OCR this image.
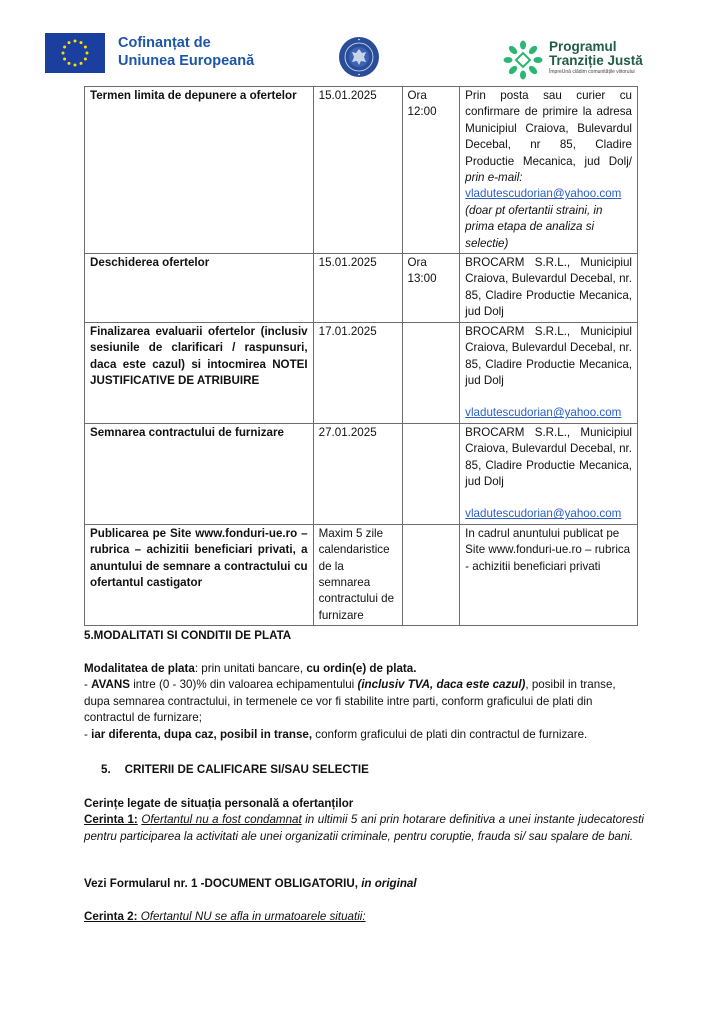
Cofinanțat de
Uniunea Europeană
Programul
Tranziție Justă
ÎmpreUnă clădim comunitățile viitorului
Termen limita de depunere a ofertelor	15.01.2025	Ora
12:00
	Prin posta sau curier cu confirmare de primire la adresa Municipiul Craiova, Bulevardul Decebal, nr 85, Cladire Productie Mecanica, jud Dolj/ prin e-mail:
vladutescudorian@yahoo.com

(doar pt ofertantii straini, in prima etapa de analiza si selectie)

Deschiderea ofertelor	15.01.2025	Ora
13:00	BROCARM S.R.L., Municipiul Craiova, Bulevardul Decebal, nr. 85, Cladire Productie Mecanica, jud Dolj
Finalizarea evaluarii ofertelor (inclusiv sesiunile de clarificari / raspunsuri, daca este cazul) si intocmirea NOTEI JUSTIFICATIVE DE ATRIBUIRE	17.01.2025		BROCARM S.R.L., Municipiul Craiova, Bulevardul Decebal, nr. 85, Cladire Productie Mecanica, jud Dolj
vladutescudorian@yahoo.com

Semnarea contractului de furnizare	27.01.2025		BROCARM S.R.L., Municipiul Craiova, Bulevardul Decebal, nr. 85, Cladire Productie Mecanica, jud Dolj
vladutescudorian@yahoo.com

Publicarea pe Site www.fonduri-ue.ro – rubrica – achizitii beneficiari privati, a anuntului de semnare a contractului cu ofertantul castigator	Maxim 5 zile calendaristice de la semnarea contractului de furnizare		In cadrul anuntului publicat pe Site www.fonduri-ue.ro – rubrica - achizitii beneficiari privati
5.MODALITATI SI CONDITII DE PLATA
Modalitatea de plata: prin unitati bancare, cu ordin(e) de plata.
- AVANS intre (0 - 30)% din valoarea echipamentului (inclusiv TVA, daca este cazul), posibil in transe, dupa semnarea contractului, in termenele ce vor fi stabilite intre parti, conform graficului de plati din contractul de furnizare;
- iar diferenta, dupa caz, posibil in transe, conform graficului de plati din contractul de furnizare.
5. CRITERII DE CALIFICARE SI/SAU SELECTIE
Cerințe legate de situația personală a ofertanților
Cerinta 1: Ofertantul nu a fost condamnat in ultimii 5 ani prin hotarare definitiva a unei instante judecatoresti pentru participarea la activitati ale unei organizatii criminale, pentru coruptie, frauda si/ sau spalare de bani.
Vezi Formularul nr. 1 -DOCUMENT OBLIGATORIU, in original
Cerinta 2: Ofertantul NU se afla in urmatoarele situatii:
